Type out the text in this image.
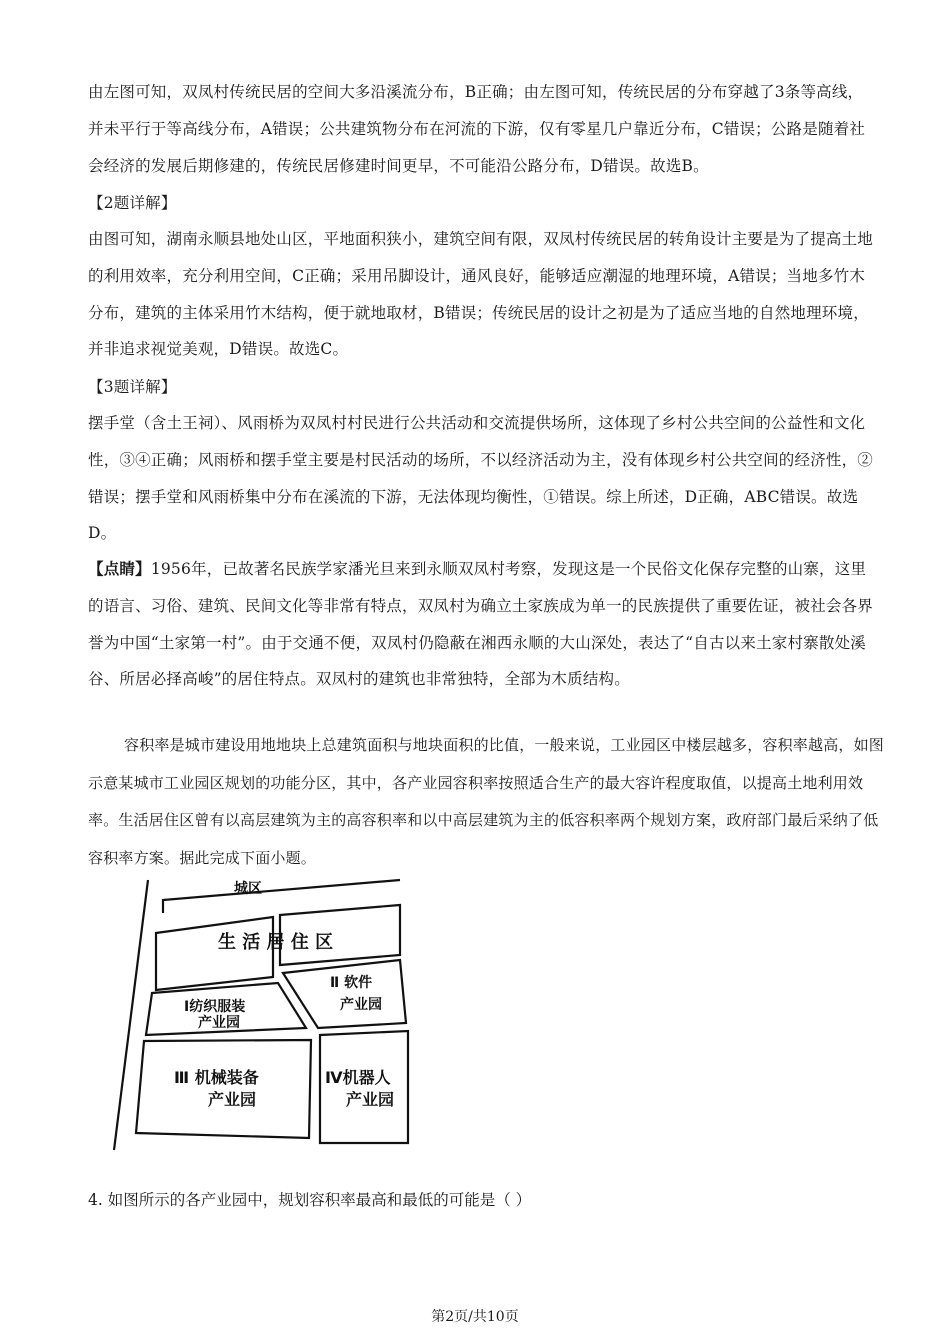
由左图可知，双凤村传统民居的空间大多沿溪流分布，B正确；由左图可知，传统民居的分布穿越了3条等高线，并未平行于等高线分布，A错误；公共建筑物分布在河流的下游，仅有零星几户靠近分布，C错误；公路是随着社会经济的发展后期修建的，传统民居修建时间更早，不可能沿公路分布，D错误。故选B。

【2题详解】

由图可知，湖南永顺县地处山区，平地面积狭小，建筑空间有限，双凤村传统民居的转角设计主要是为了提高土地的利用效率，充分利用空间，C正确；采用吊脚设计，通风良好，能够适应潮湿的地理环境，A错误；当地多竹木分布，建筑的主体采用竹木结构，便于就地取材，B错误；传统民居的设计之初是为了适应当地的自然地理环境，并非追求视觉美观，D错误。故选C。

【3题详解】

摆手堂（含土王祠）、风雨桥为双凤村村民进行公共活动和交流提供场所，这体现了乡村公共空间的公益性和文化性，③④正确；风雨桥和摆手堂主要是村民活动的场所，不以经济活动为主，没有体现乡村公共空间的经济性，②错误；摆手堂和风雨桥集中分布在溪流的下游，无法体现均衡性，①错误。综上所述，D正确，ABC错误。故选D。

【点睛】1956年，已故著名民族学家潘光旦来到永顺双凤村考察，发现这是一个民俗文化保存完整的山寨，这里的语言、习俗、建筑、民间文化等非常有特点，双凤村为确立土家族成为单一的民族提供了重要佐证，被社会各界誉为中国“土家第一村”。由于交通不便，双凤村仍隐蔽在湘西永顺的大山深处，表达了“自古以来土家村寨散处溪谷、所居必择高峻”的居住特点。双凤村的建筑也非常独特，全部为木质结构。

容积率是城市建设用地地块上总建筑面积与地块面积的比值，一般来说，工业园区中楼层越多，容积率越高，如图示意某城市工业园区规划的功能分区，其中，各产业园容积率按照适合生产的最大容许程度取值，以提高土地利用效率。生活居住区曾有以高层建筑为主的高容积率和以中高层建筑为主的低容积率两个规划方案，政府部门最后采纳了低容积率方案。据此完成下面小题。

城区
生 活 居 住 区
Ⅰ纺织服装
产业园
Ⅱ 软件
产业园
Ⅲ 机械装备
产业园
Ⅳ机器人
产业园
4. 如图所示的各产业园中，规划容积率最高和最低的可能是（ ）
第2页/共10页
